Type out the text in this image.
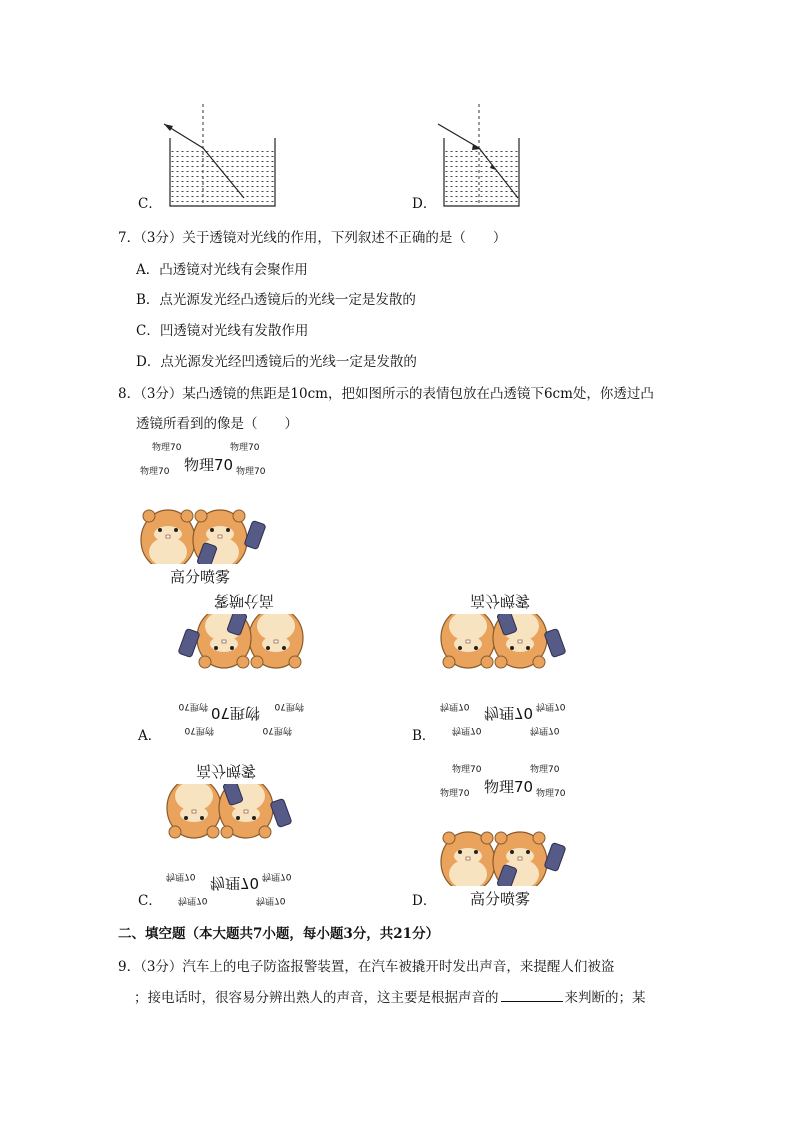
C．	D．
7．（3分）关于透镜对光线的作用，下列叙述不正确的是（　　）
A．凸透镜对光线有会聚作用
B．点光源发光经凸透镜后的光线一定是发散的
C．凹透镜对光线有发散作用
D．点光源发光经凹透镜后的光线一定是发散的
8．（3分）某凸透镜的焦距是10cm，把如图所示的表情包放在凸透镜下6cm处，你透过凸
透镜所看到的像是（　　）
物理70	物理70
物理70
物理70	物理70
高分喷雾
物理70
物理70
物理70 物理70
物理70
高分喷雾
A．	物理70	物理70
物理70
物理70	物理70
高分喷雾
B．
物理70	物理70
物理70
物理70	物理70
高分喷雾
C．
物理70	物理70
物理70
物理70	物理70
高分喷雾
D．
二、填空题（本大题共7小题，每小题3分，共21分）
9．（3分）汽车上的电子防盗报警装置，在汽车被撬开时发出声音，来提醒人们被盗
；接电话时，很容易分辨出熟人的声音，这主要是根据声音的	来判断的；某
